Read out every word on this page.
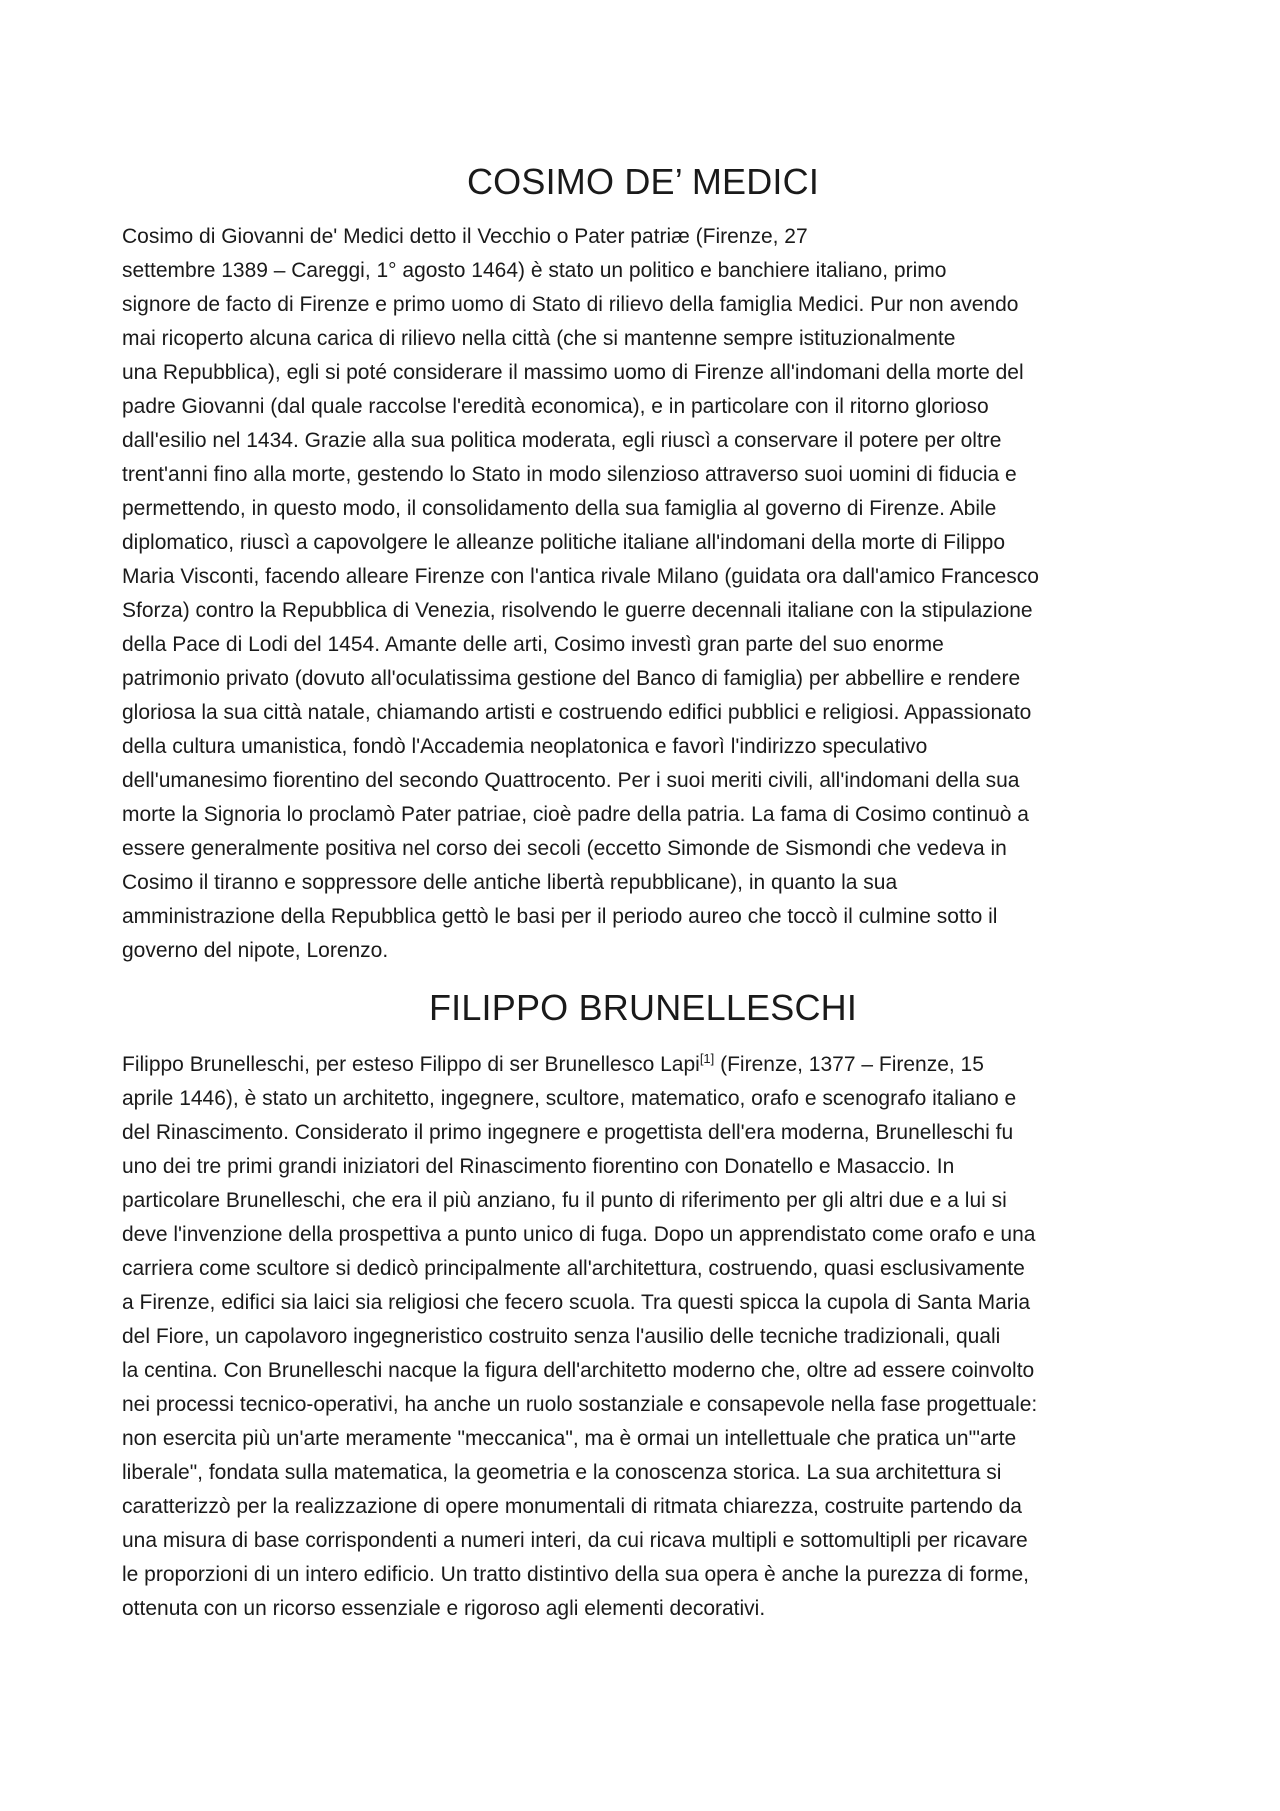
COSIMO DE’ MEDICI

Cosimo di Giovanni de' Medici detto il Vecchio o Pater patriæ (Firenze, 27
settembre 1389 – Careggi, 1° agosto 1464) è stato un politico e banchiere italiano, primo
signore de facto di Firenze e primo uomo di Stato di rilievo della famiglia Medici. Pur non avendo
mai ricoperto alcuna carica di rilievo nella città (che si mantenne sempre istituzionalmente
una Repubblica), egli si poté considerare il massimo uomo di Firenze all'indomani della morte del
padre Giovanni (dal quale raccolse l'eredità economica), e in particolare con il ritorno glorioso
dall'esilio nel 1434. Grazie alla sua politica moderata, egli riuscì a conservare il potere per oltre
trent'anni fino alla morte, gestendo lo Stato in modo silenzioso attraverso suoi uomini di fiducia e
permettendo, in questo modo, il consolidamento della sua famiglia al governo di Firenze. Abile
diplomatico, riuscì a capovolgere le alleanze politiche italiane all'indomani della morte di Filippo
Maria Visconti, facendo alleare Firenze con l'antica rivale Milano (guidata ora dall'amico Francesco
Sforza) contro la Repubblica di Venezia, risolvendo le guerre decennali italiane con la stipulazione
della Pace di Lodi del 1454. Amante delle arti, Cosimo investì gran parte del suo enorme
patrimonio privato (dovuto all'oculatissima gestione del Banco di famiglia) per abbellire e rendere
gloriosa la sua città natale, chiamando artisti e costruendo edifici pubblici e religiosi. Appassionato
della cultura umanistica, fondò l'Accademia neoplatonica e favorì l'indirizzo speculativo
dell'umanesimo fiorentino del secondo Quattrocento. Per i suoi meriti civili, all'indomani della sua
morte la Signoria lo proclamò Pater patriae, cioè padre della patria. La fama di Cosimo continuò a
essere generalmente positiva nel corso dei secoli (eccetto Simonde de Sismondi che vedeva in
Cosimo il tiranno e soppressore delle antiche libertà repubblicane), in quanto la sua
amministrazione della Repubblica gettò le basi per il periodo aureo che toccò il culmine sotto il
governo del nipote, Lorenzo.

FILIPPO BRUNELLESCHI

Filippo Brunelleschi, per esteso Filippo di ser Brunellesco Lapi[1] (Firenze, 1377 – Firenze, 15
aprile 1446), è stato un architetto, ingegnere, scultore, matematico, orafo e scenografo italiano e
del Rinascimento. Considerato il primo ingegnere e progettista dell'era moderna, Brunelleschi fu
uno dei tre primi grandi iniziatori del Rinascimento fiorentino con Donatello e Masaccio. In
particolare Brunelleschi, che era il più anziano, fu il punto di riferimento per gli altri due e a lui si
deve l'invenzione della prospettiva a punto unico di fuga. Dopo un apprendistato come orafo e una
carriera come scultore si dedicò principalmente all'architettura, costruendo, quasi esclusivamente
a Firenze, edifici sia laici sia religiosi che fecero scuola. Tra questi spicca la cupola di Santa Maria
del Fiore, un capolavoro ingegneristico costruito senza l'ausilio delle tecniche tradizionali, quali
la centina. Con Brunelleschi nacque la figura dell'architetto moderno che, oltre ad essere coinvolto
nei processi tecnico-operativi, ha anche un ruolo sostanziale e consapevole nella fase progettuale:
non esercita più un'arte meramente "meccanica", ma è ormai un intellettuale che pratica un'"arte
liberale", fondata sulla matematica, la geometria e la conoscenza storica. La sua architettura si
caratterizzò per la realizzazione di opere monumentali di ritmata chiarezza, costruite partendo da
una misura di base corrispondenti a numeri interi, da cui ricava multipli e sottomultipli per ricavare
le proporzioni di un intero edificio. Un tratto distintivo della sua opera è anche la purezza di forme,
ottenuta con un ricorso essenziale e rigoroso agli elementi decorativi.
